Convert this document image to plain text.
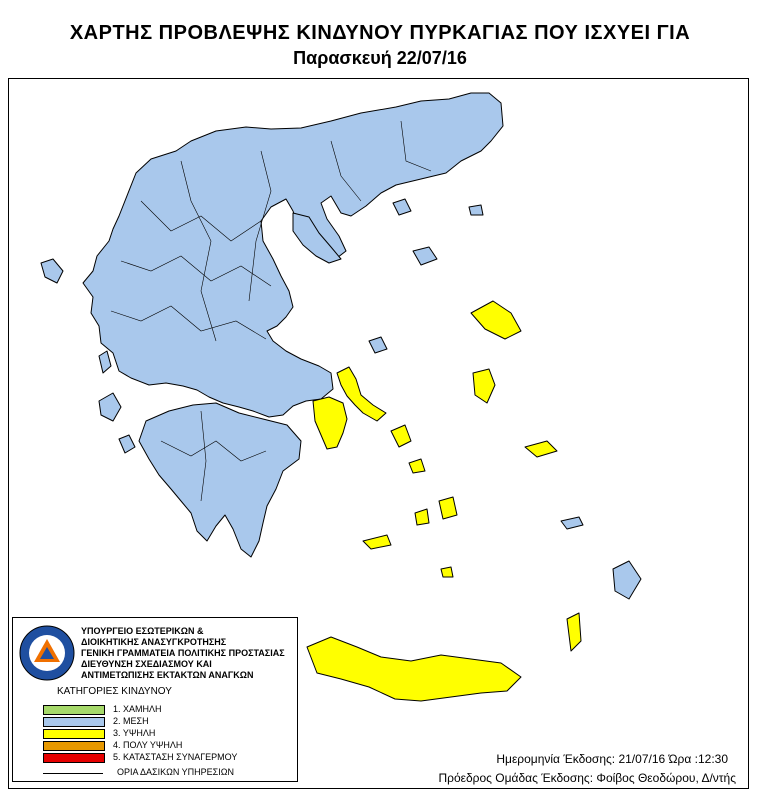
ΧΑΡΤΗΣ ΠΡΟΒΛΕΨΗΣ ΚΙΝΔΥΝΟΥ ΠΥΡΚΑΓΙΑΣ ΠΟΥ ΙΣΧΥΕΙ ΓΙΑ
Παρασκευή 22/07/16
ΥΠΟΥΡΓΕΙΟ ΕΣΩΤΕΡΙΚΩΝ &
ΔΙΟΙΚΗΤΙΚΗΣ ΑΝΑΣΥΓΚΡΟΤΗΣΗΣ
ΓΕΝΙΚΗ ΓΡΑΜΜΑΤΕΙΑ ΠΟΛΙΤΙΚΗΣ ΠΡΟΣΤΑΣΙΑΣ
ΔΙΕΥΘΥΝΣΗ ΣΧΕΔΙΑΣΜΟΥ ΚΑΙ
ΑΝΤΙΜΕΤΩΠΙΣΗΣ ΕΚΤΑΚΤΩΝ ΑΝΑΓΚΩΝ
ΚΑΤΗΓΟΡΙΕΣ ΚΙΝΔΥΝΟΥ
1. ΧΑΜΗΛΗ
2. ΜΕΣΗ
3. ΥΨΗΛΗ
4. ΠΟΛΥ ΥΨΗΛΗ
5. ΚΑΤΑΣΤΑΣΗ ΣΥΝΑΓΕΡΜΟΥ
ΟΡΙΑ ΔΑΣΙΚΩΝ ΥΠΗΡΕΣΙΩΝ
Ημερομηνία Έκδοσης: 21/07/16 Ώρα :12:30
Πρόεδρος Ομάδας Έκδοσης: Φοίβος Θεοδώρου, Δ/ντής
